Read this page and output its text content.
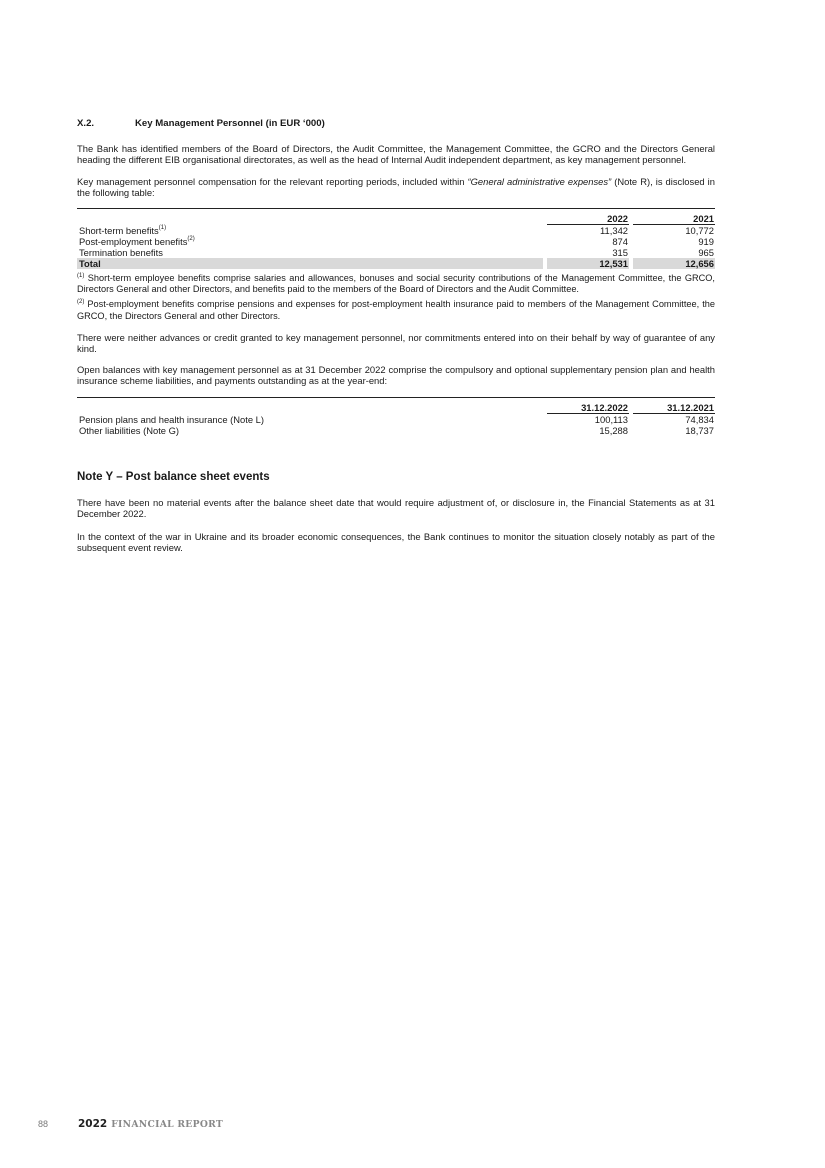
X.2.	Key Management Personnel (in EUR ‘000)

The Bank has identified members of the Board of Directors, the Audit Committee, the Management Committee, the GCRO and the Directors General heading the different EIB organisational directorates, as well as the head of Internal Audit independent department, as key management personnel.

Key management personnel compensation for the relevant reporting periods, included within “General administrative expenses” (Note R), is disclosed in the following table:

		2022		2021
Short-term benefits$^{(1)}$		11,342		10,772
Post-employment benefits$^{(2)}$		874		919
Termination benefits		315		965
Total		12,531		12,656

$^{(1)}$ Short-term employee benefits comprise salaries and allowances, bonuses and social security contributions of the Management Committee, the GRCO, Directors General and other Directors, and benefits paid to the members of the Board of Directors and the Audit Committee.

$^{(2)}$ Post-employment benefits comprise pensions and expenses for post-employment health insurance paid to members of the Management Committee, the GRCO, the Directors General and other Directors.

There were neither advances or credit granted to key management personnel, nor commitments entered into on their behalf by way of guarantee of any kind.

Open balances with key management personnel as at 31 December 2022 comprise the compulsory and optional supplementary pension plan and health insurance scheme liabilities, and payments outstanding as at the year-end:

		31.12.2022		31.12.2021
Pension plans and health insurance (Note L)		100,113		74,834
Other liabilities (Note G)		15,288		18,737
Note Y – Post balance sheet events

There have been no material events after the balance sheet date that would require adjustment of, or disclosure in, the Financial Statements as at 31 December 2022.

In the context of the war in Ukraine and its broader economic consequences, the Bank continues to monitor the situation closely notably as part of the subsequent event review.

88	2022 FINANCIAL REPORT
